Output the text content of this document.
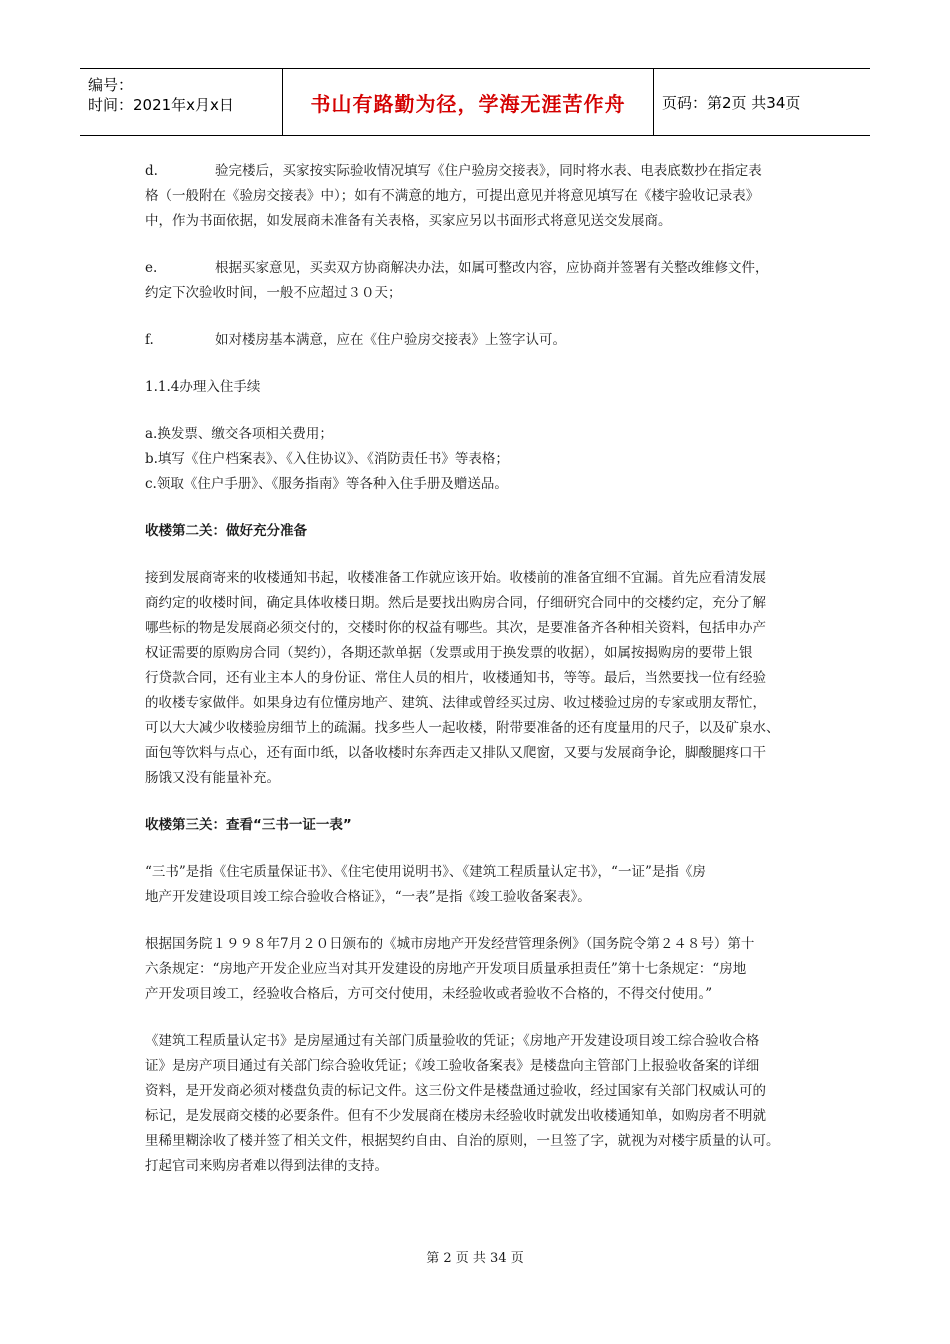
编号：
时间：2021年x月x日	书山有路勤为径，学海无涯苦作舟	页码：第2页 共34页
d.	验完楼后，买家按实际验收情况填写《住户验房交接表》，同时将水表、电表底数抄在指定表

格（一般附在《验房交接表》中）；如有不满意的地方，可提出意见并将意见填写在《楼宇验收记录表》

中，作为书面依据，如发展商未准备有关表格，买家应另以书面形式将意见送交发展商。

e.	根据买家意见，买卖双方协商解决办法，如属可整改内容，应协商并签署有关整改维修文件，

约定下次验收时间，一般不应超过３０天；

f.	如对楼房基本满意，应在《住户验房交接表》上签字认可。

1.1.4办理入住手续

a.换发票、缴交各项相关费用；

b.填写《住户档案表》、《入住协议》、《消防责任书》等表格；

c.领取《住户手册》、《服务指南》等各种入住手册及赠送品。

收楼第二关：做好充分准备

接到发展商寄来的收楼通知书起，收楼准备工作就应该开始。收楼前的准备宜细不宜漏。首先应看清发展

商约定的收楼时间，确定具体收楼日期。然后是要找出购房合同，仔细研究合同中的交楼约定，充分了解

哪些标的物是发展商必须交付的，交楼时你的权益有哪些。其次，是要准备齐各种相关资料，包括申办产

权证需要的原购房合同（契约），各期还款单据（发票或用于换发票的收据），如属按揭购房的要带上银

行贷款合同，还有业主本人的身份证、常住人员的相片，收楼通知书，等等。最后，当然要找一位有经验

的收楼专家做伴。如果身边有位懂房地产、建筑、法律或曾经买过房、收过楼验过房的专家或朋友帮忙，

可以大大减少收楼验房细节上的疏漏。找多些人一起收楼，附带要准备的还有度量用的尺子，以及矿泉水、

面包等饮料与点心，还有面巾纸，以备收楼时东奔西走又排队又爬窗，又要与发展商争论，脚酸腿疼口干

肠饿又没有能量补充。

收楼第三关：查看“三书一证一表”

“三书”是指《住宅质量保证书》、《住宅使用说明书》、《建筑工程质量认定书》，“一证”是指《房

地产开发建设项目竣工综合验收合格证》，“一表”是指《竣工验收备案表》。

根据国务院１９９８年7月２０日颁布的《城市房地产开发经营管理条例》（国务院令第２４８号）第十

六条规定：“房地产开发企业应当对其开发建设的房地产开发项目质量承担责任”第十七条规定：“房地

产开发项目竣工，经验收合格后，方可交付使用，未经验收或者验收不合格的，不得交付使用。”

《建筑工程质量认定书》是房屋通过有关部门质量验收的凭证；《房地产开发建设项目竣工综合验收合格

证》是房产项目通过有关部门综合验收凭证；《竣工验收备案表》是楼盘向主管部门上报验收备案的详细

资料，是开发商必须对楼盘负责的标记文件。这三份文件是楼盘通过验收，经过国家有关部门权威认可的

标记，是发展商交楼的必要条件。但有不少发展商在楼房未经验收时就发出收楼通知单，如购房者不明就

里稀里糊涂收了楼并签了相关文件，根据契约自由、自治的原则，一旦签了字，就视为对楼宇质量的认可。

打起官司来购房者难以得到法律的支持。

第 2 页 共 34 页
